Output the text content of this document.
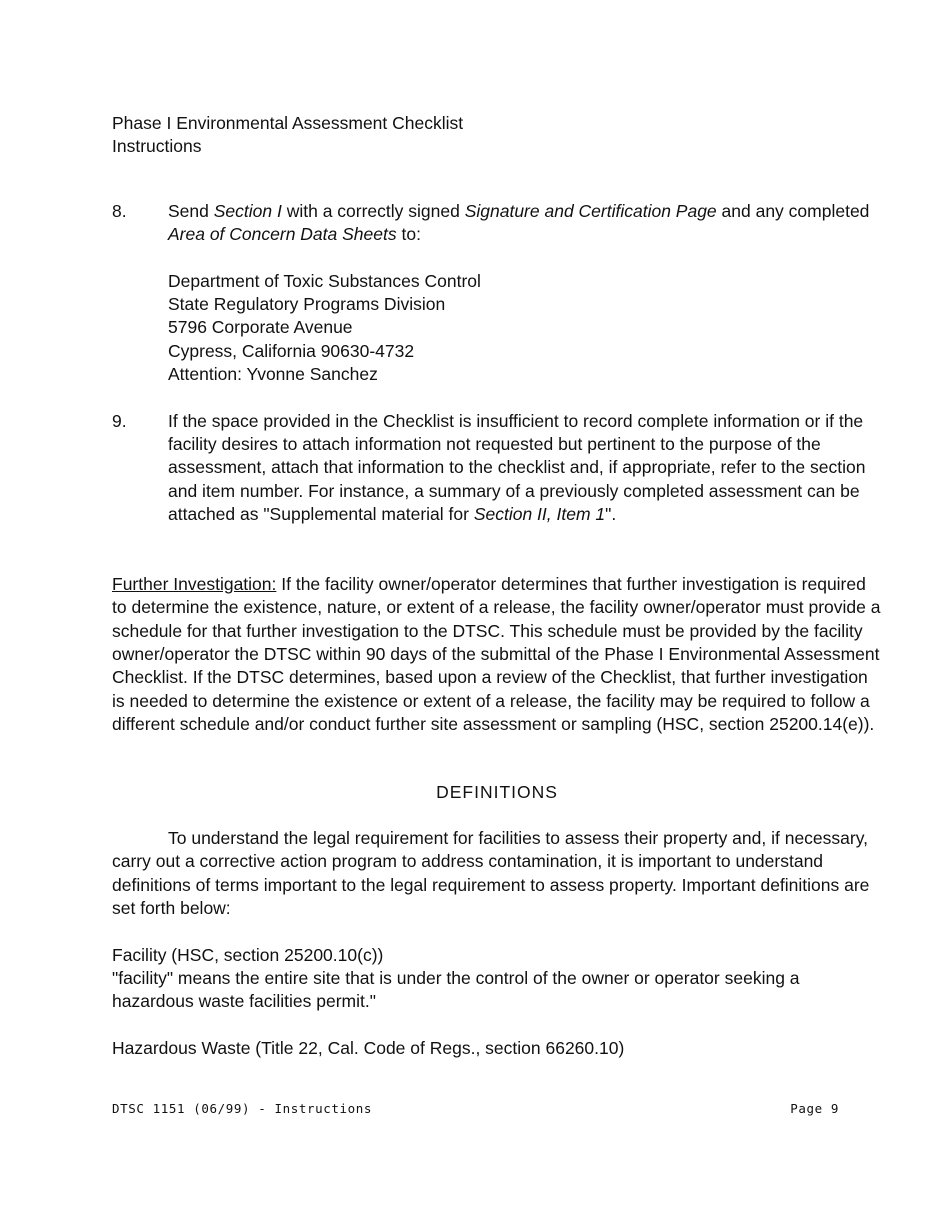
Phase I Environmental Assessment Checklist
Instructions
8. Send Section I with a correctly signed Signature and Certification Page and any completed Area of Concern Data Sheets to:
Department of Toxic Substances Control
State Regulatory Programs Division
5796 Corporate Avenue
Cypress, California 90630-4732
Attention: Yvonne Sanchez
9. If the space provided in the Checklist is insufficient to record complete information or if the facility desires to attach information not requested but pertinent to the purpose of the assessment, attach that information to the checklist and, if appropriate, refer to the section and item number. For instance, a summary of a previously completed assessment can be attached as "Supplemental material for Section II, Item 1".
Further Investigation: If the facility owner/operator determines that further investigation is required to determine the existence, nature, or extent of a release, the facility owner/operator must provide a schedule for that further investigation to the DTSC. This schedule must be provided by the facility owner/operator the DTSC within 90 days of the submittal of the Phase I Environmental Assessment Checklist. If the DTSC determines, based upon a review of the Checklist, that further investigation is needed to determine the existence or extent of a release, the facility may be required to follow a different schedule and/or conduct further site assessment or sampling (HSC, section 25200.14(e)).
DEFINITIONS
To understand the legal requirement for facilities to assess their property and, if necessary, carry out a corrective action program to address contamination, it is important to understand definitions of terms important to the legal requirement to assess property. Important definitions are set forth below:
Facility (HSC, section 25200.10(c))
"facility" means the entire site that is under the control of the owner or operator seeking a hazardous waste facilities permit."
Hazardous Waste (Title 22, Cal. Code of Regs., section 66260.10)
DTSC 1151 (06/99) - Instructions	Page 9
